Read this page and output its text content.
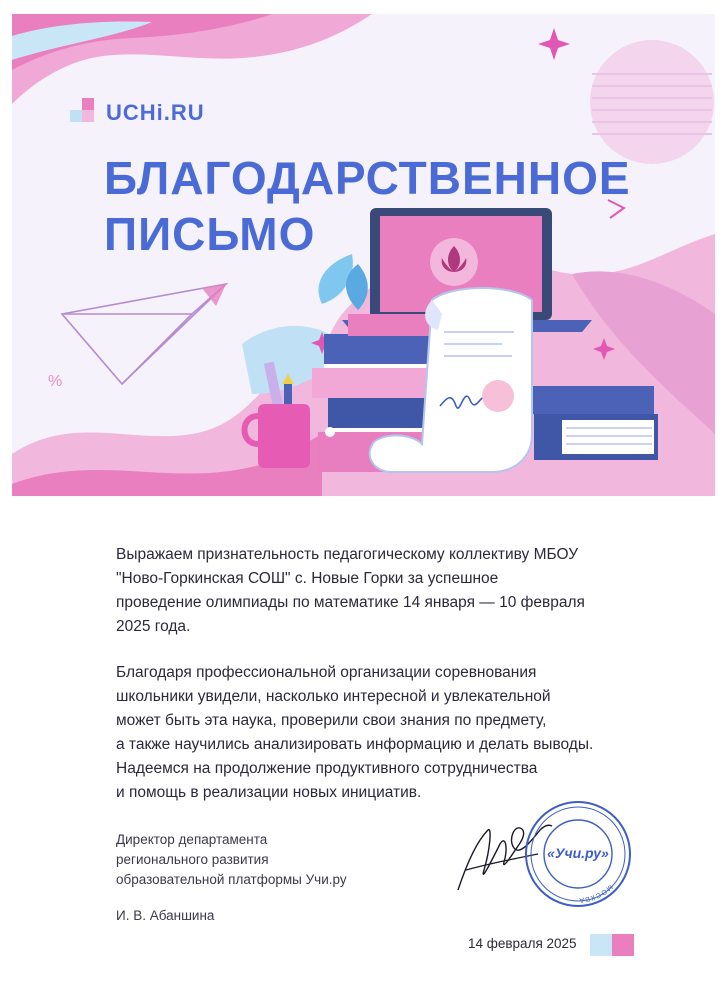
%
UCHi.RU
БЛАГОДАРСТВЕННОЕ
ПИСЬМО

Выражаем признательность педагогическому коллективу МБОУ
"Ново-Горкинская СОШ" с. Новые Горки за успешное
проведение олимпиады по математике 14 января — 10 февраля
2025 года.

Благодаря профессиональной организации соревнования
школьники увидели, насколько интересной и увлекательной
может быть эта наука, проверили свои знания по предмету,
а также научились анализировать информацию и делать выводы.
Надеемся на продолжение продуктивного сотрудничества
и помощь в реализации новых инициатив.

Директор департамента
регионального развития
образовательной платформы Учи.ру
И. В. Абаншина
МОСКВА
«Учи.ру»
14 февраля 2025
